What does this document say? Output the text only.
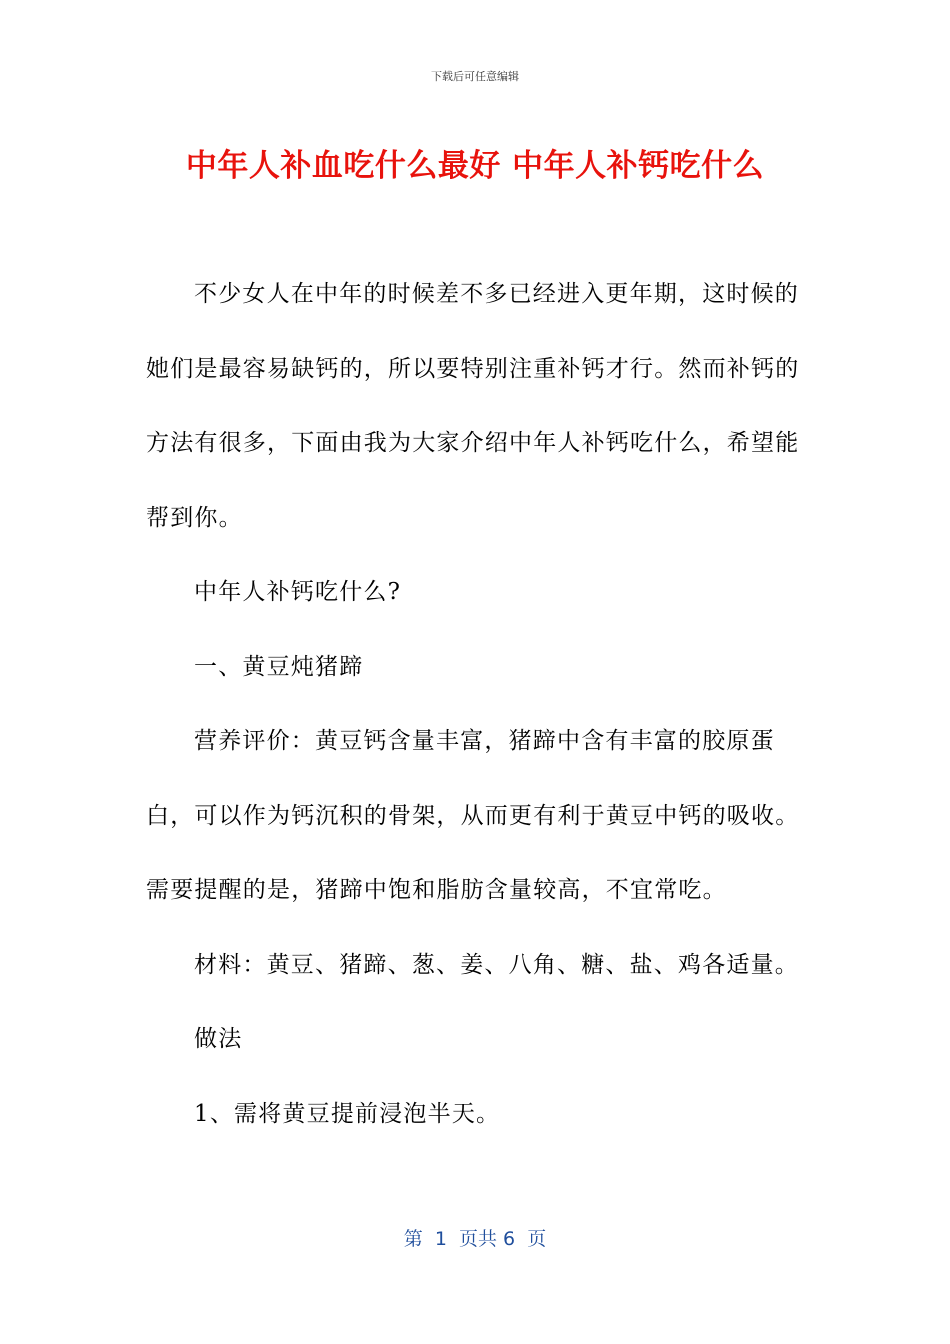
下载后可任意编辑
中年人补血吃什么最好 中年人补钙吃什么

不少女人在中年的时候差不多已经进入更年期，这时候的她们是最容易缺钙的，所以要特别注重补钙才行。然而补钙的方法有很多，下面由我为大家介绍中年人补钙吃什么，希望能帮到你。

中年人补钙吃什么?

一、黄豆炖猪蹄

营养评价：黄豆钙含量丰富，猪蹄中含有丰富的胶原蛋白，可以作为钙沉积的骨架，从而更有利于黄豆中钙的吸收。需要提醒的是，猪蹄中饱和脂肪含量较高，不宜常吃。

材料：黄豆、猪蹄、葱、姜、八角、糖、盐、鸡各适量。

做法

1、需将黄豆提前浸泡半天。

第  1  页共 6  页
